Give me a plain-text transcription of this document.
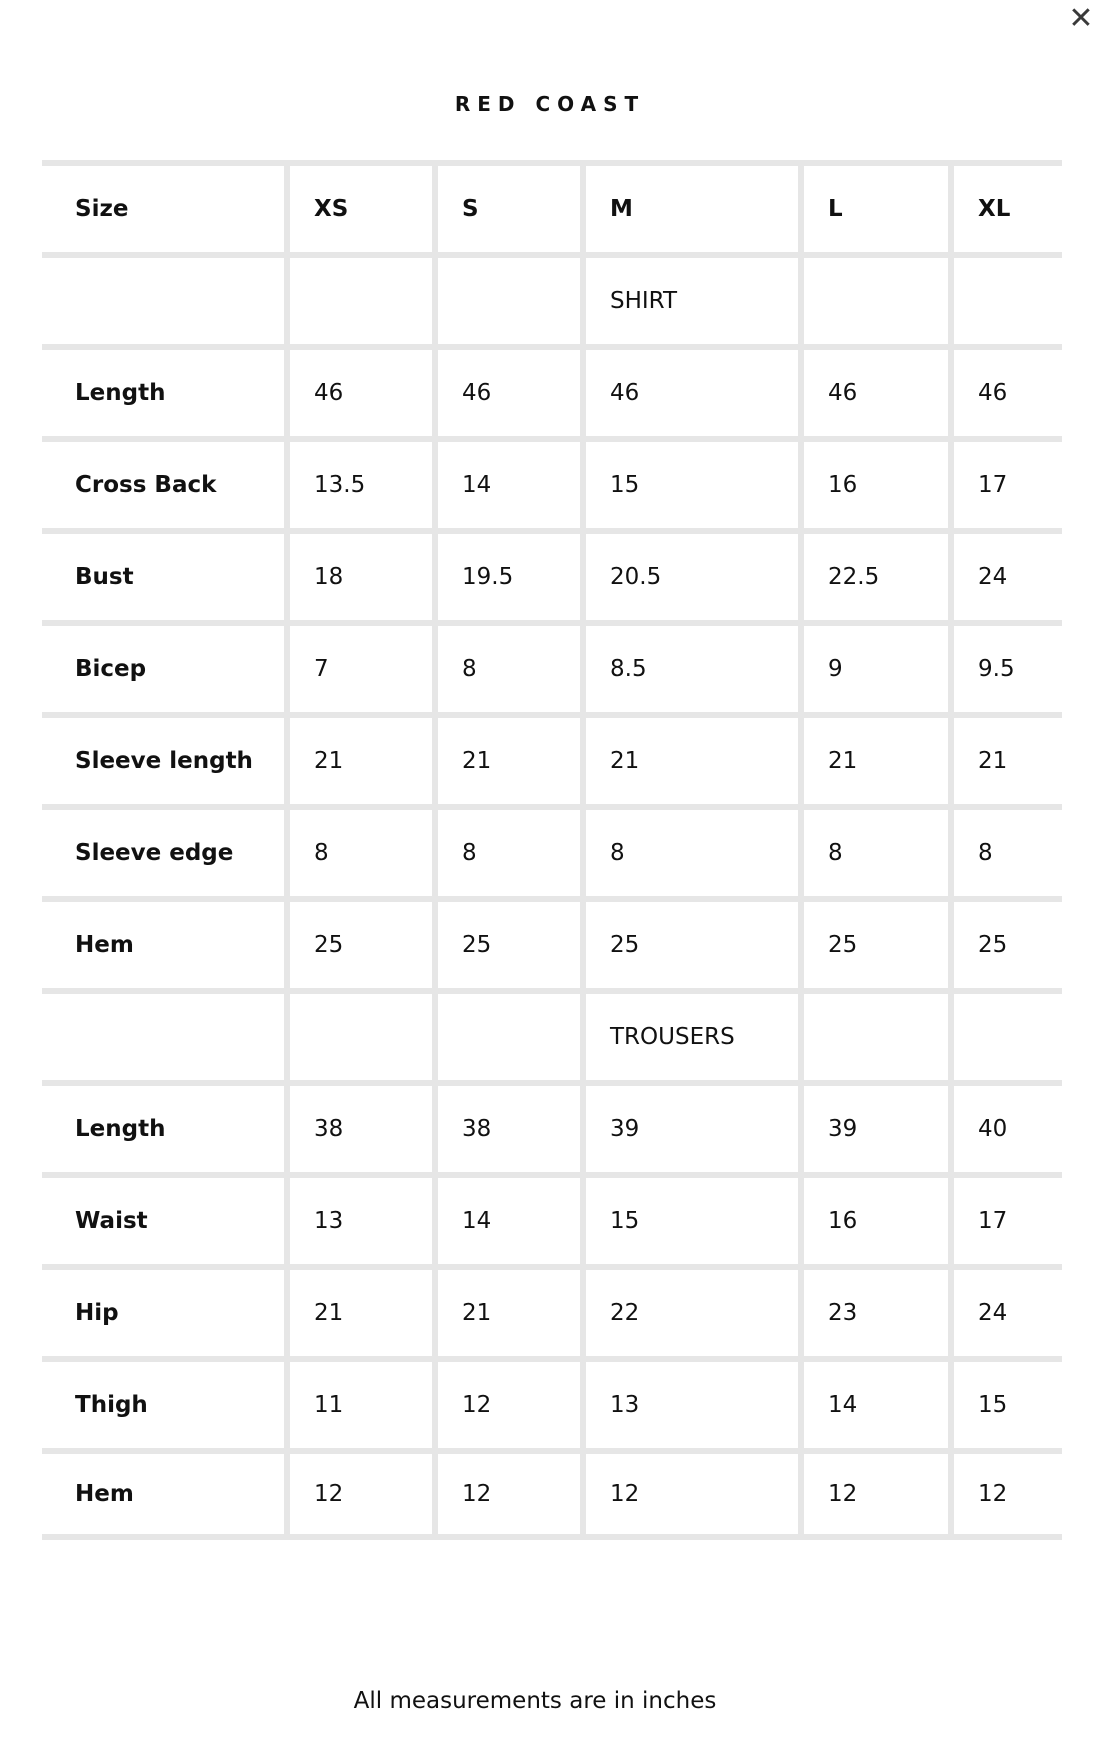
✕
RED COAST
Size	XS	S	M	L	XL
			SHIRT		
Length	46	46	46	46	46
Cross Back	13.5	14	15	16	17
Bust	18	19.5	20.5	22.5	24
Bicep	7	8	8.5	9	9.5
Sleeve length	21	21	21	21	21
Sleeve edge	8	8	8	8	8
Hem	25	25	25	25	25
			TROUSERS		
Length	38	38	39	39	40
Waist	13	14	15	16	17
Hip	21	21	22	23	24
Thigh	11	12	13	14	15
Hem	12	12	12	12	12
All measurements are in inches
